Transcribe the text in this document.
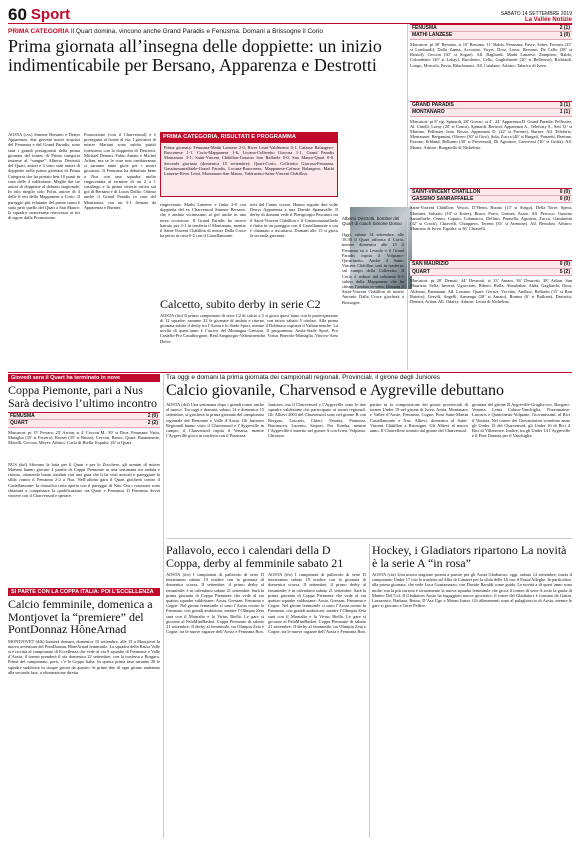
60 Sport	SABATO 14 SETTEMBRE 2019
La Vallée Notizie
PRIMA CATEGORIA Il Quart domina, vincono anche Grand Paradis e Fenusma. Domani a Brissogne il Corio
Prima giornata all’insegna delle doppiette: un inizio indimenticabile per Bersano, Apparenza e Destrotti
AOSTA (cvs) Simone Bersano e Denys Apparenza, due giovani nuovi acquisti del Fenusma e del Grand Paradis, sono stati i grandi protagonisti della prima giornata del torneo di Prima categoria insieme al “sangue” Alberto Destrotti del Quart, autori e 3 sono stati autori di doppiette nella prima giornata di Prima Categoria che ha portato ben 10 punti in casa delle 4 valdostane. Meglio dei tre autori di doppiette al debutto stagionale. In otto meglio solo Polin, autore di 4 delle 6 reti della Mappanese a Corio. Il pareggio più eclatante del primo turno è stato però quello del Quart a San Mauro: la squadra canavesana retrocessa ai tiri di rigore dalla Promozione.
Promozione (con il Charvensod) e è proseguita al fronte al via. I giocatori di mister Mariani sono subito partiti fortissimo con la doppietta di Destrotti, Michael Demaii, Fabio Amato e Michel Arlian, ma se le cose non cambieranno ci saranno tante gioie per i nostri giocatori. Il Fenusma ha debuttato bene a Nus con una squadra molto ringiovanita al termine di un 2 a 1 casalingo e la prima vittoria arriva sui gol di Bersano e di Lucas Dallio. Ottimo anche il Grand Paradis in casa del Montanaro, con un 3-1 firmato da Apparenza e Burnier.
PRIMA CATEGORIA, RISULTATI E PROGRAMMA
Prima giornata: Fenusma-Mathi Lanzese 2-0, River Leini-Valdruento 0-1, Cafasse Balangero-Busconese 1-1, Corio-Mappanese 1-6, Locana-Colleretto Giacosa 1-1, Grand Paradis Montanaro 3-1, Saint-Vincent Châtillon-Gassino San Raffaele 0-0, San Mauro-Quart 0-0. Seconda giornata (domenica 15 settembre): Quart-Corio, Colleretto Giacosa-Fenusma, Gassinosanraffaele-Grand Paradis, Locana-Busconese, Mappanese-Cafasse Balangero, Mathi Lanzese-River Leini, Montanaro-San Mauro, Valdruento-Saint-Vincent Châtillon.
ringiovanito Mathi Lanzese e finita 2-0 con doppietta del ex Charvensod Simone Bersano, che è andato vicinissimo al gol anche in una terza occasione. Il Grand Paradis ha invece battuto per 3-1 in trasferta il Montanaro, mentre il Saint-Vincent Châtillon di mister Dalla Croce ha perso in casa 0-2 con il Castellamonte.
tieri dal l’anno scorso. Hanno seguito due volte Denys Apparenza e una Davide Spanavalle. Il derby di domani vede il Pierigiorgio Pescatori tra il Saint-Vincent Châtillon e il Gassinosanraffaele è finita in un pareggio con il Castellamonte e ora è chiamato a riscattarsi. Domani alle 15 si gioca la seconda giornata.
Alberto Destrotti, bomber del Quart di coach Simone Dosso
Oggi, sabato 14 settembre, alle 18.30 il Quart affronta il Corio, mentre domenica alle 15 il Fenusma va a Lessolo e il Grand Paradis ospita il Volpiano-Quincinetto. Anche il Saint-Vincent Châtillon sarà in trasferta, sul campo della Colleretto. Il Corio è reduce dal roboante 6-1 subito dalla Mappanese che ha chiuso l’andata in vetta. Domani il Saint-Vincent Châtillon di mister Antonio Dalla Croce giocherà a Brissogne.
Calcetto, subito derby in serie C2
AOSTA (ifo) Il primo campionato di serie C2 di calcio a 5 si gioca quest’anno con la partecipazione di 12 squadre: saranno 22 le giornate di andata e ritorno, con inizio sabato 5 ottobre. Alla prima giornata subito il derby tra l’Aosta e lo Stade Sport, mentre il Dobbiaco ospiterà il Valtournenche. La novità di quest’anno è l’arrivo del Montagna Gresson. Il programma: Aosta-Stade Sport, Pro Castello-Pro Casalborgone, Real Sangiorgio-Valtournenche, Virtus Pinerolo-Marsiglia, Vinovo-Area Dolce.
Giovedì sera il Quart ha terminato in nove
Coppa Piemonte, pari a Nus Sarà decisivo l’ultimo incontro
FENUSMA	2 (0)
QUART	2 (2)
Marcatori: pt 15’ Ferraro, 25’ Arrian, st 4’ Ceccon M., 39’ st Droz. Fenusma: Vaira, Maiaglia (35’ st Ferrero), Rosset (35’ st Russo), Ceccon, Bertoi. Quart: Baumanette, Morelli, Ceccon, Meyer. Arbitro: Carlo di Biella. Espulsi: 26’ st Quart.
NUS (dsf) Sfiorano la lotta per il Quart e per lo Zucchero, gli uomini di mister Mariani hanno giocato 4 partite di Coppa Piemonte in una settimana tra andata e ritorno, ottenendo buoni risultati con una gara che li ha visti arrivati e pareggiare la sfida contro il Fenusma 2-2 a Nus. Nell’ultima gara il Quart giocherà contro il Castellamonte: la classifica resta aperta con il pareggio di Nus. Ora i rossoneri sono chiamati a conquistare la qualificazione tra Quart e Fenusma. Il Fenusma dovrà vincere con il Charvensod e sperare.
SI PARTE CON LA COPPA ITALIA: POI L’ECCELLENZA
Calcio femminile, domenica a Montjovet la “premiere” del PontDonnaz HôneArnad
MONTJOVET (dfk) Inizierà domani, domenica 15 settembre, alle 15 a Montjovet la nuova avventura del PontDonnaz HôneArnad femminile. La squadra della Bassa Valle si è iscritta al campionato di Eccellenza che vede al via 8 squadre di Piemonte e Valle d’Aosta: il torneo prenderà il via domenica 22 settembre, con la trasferta a Borgaro. Prima del campionato, però, c’è la Coppa Italia. In questa prima fase saranno 20 le squadre suddivise in cinque gironi da quattro: le prime due di ogni girone andranno alla seconda fase, a eliminazione diretta.
Tra oggi e domani la prima giornata dei campionati regionali. Provinciali, il girone degli Juniores
Calcio giovanile, Charvensod e Aygreville debuttano
AOSTA (dsf) Una settimana dopo i grandi tornei anche al nuovo. Tra oggi e domani, sabato 14 e domenica 15 settembre, si giocherà la prima giornata del campionato regionale del Piemonte e Valle d’Aosta. Gli Juniores Regionali hanno visto il Charvensod e l’Aygreville in campo: il Charvensod ospita il Venaria, mentre l’Aygreville gioca in trasferta con il Pianezza.
Juniores, ma il Charvensod e l’Aygreville sono le due squadre valdostane che partecipano ai tornei regionali. Gli Allievi 2003 del Charvensod sono nel girone B con Borgaro, Lascaris, Chieri, Venaria, Pianezza, Barcanova, Lucento, Sisport, Pro Eureka, mentre l’Aygreville è inserito nel girone A con Ivrea, Volpiano, Chivasso.
partire in la composizione dei gironi provinciali di torneo Under 19 nel girone di Ivrea, Aosta, Montanaro e Vallée d’Aoste, Fenusma, Cogne, Pont Saint-Martin Castellamonte e Nus. Allievi, domenica al Saint-Vincent Châtillon a Brissogne. Gli Allievi al nuovo anno. Il Chiavellese tornato dal girone del Charvensod.
giornata del girone B Aygreville-Gruglia-sco, Borgaro-Venaria, Lenta Caluso-Vanchiglia, Pozzomaina-Lascaris e Quincinetto-Volpiano. Giovanissimi, al Bici il Venaria. Nel torneo dei Giovanissimi scendono anno gli Under 15 del Charvensod, gli Under 16 di Bici il Bici di Villeneuve. Inoltre, tra gli Under 14 l’Aygreville e il Pont Donnaz per il Vanchiglia.
Pallavolo, ecco i calendari della D Coppa, derby al femminile sabato 21
AOSTA (ifo) I campionati di pallavolo di serie D inizieranno sabato 19 ottobre con la giornata di domenica scorsa. Il settembre, il primo derby al femminile: è in calendario sabato 21 settembre. Sarà la prima giornata di Coppa Piemonte che vede al via quattro squadre valdostane: Aosta, Gressan, Fenusma e Cogne. Nel girone femminile ci sono l’Aosta contro la Fenusma, con grandi ambizioni, mentre l’Olimpia Zeta sarà con il Montalto e la Virtus Biella. Le gare si giocano al PalaMiniBasket. Coppa Piemonte di sabato 21 settembre: Il derby al femminile, tra Olimpia Zeta e Cogne, tra le nuove ragazze dell’Aosta e Fenusma Bon.
AOSTA (ifo) I campionati di pallavolo di serie D inizieranno sabato 19 ottobre con la giornata di domenica scorsa. Il settembre, il primo derby al femminile: è in calendario sabato 21 settembre. Sarà la prima giornata di Coppa Piemonte che vede al via quattro squadre valdostane: Aosta, Gressan, Fenusma e Cogne. Nel girone femminile ci sono l’Aosta contro la Fenusma, con grandi ambizioni, mentre l’Olimpia Zeta sarà con il Montalto e la Virtus Biella. Le gare si giocano al PalaMiniBasket. Coppa Piemonte di sabato 21 settembre: Il derby al femminile, tra Olimpia Zeta e Cogne, tra le nuove ragazze dell’Aosta e Fenusma Bon.
Hockey, i Gladiators ripartono La novità è la serie A “in rosa”
AOSTA (cfa) Una nuova stagione pronta a partire per gli Aosta Gladiators: oggi, sabato 14 settembre, inizia il campionato Under 17 con la trasferta ad Alba di Canazei per la sfida delle 16 con il Fassa/Alleghe. In particolare, alla prima giornata, che vede Luca Goniamazzo, con Davide Baraldi come guida. Le novità a di quest’anno sono molte, ma la più curiosa è sicuramente la nuova squadra femminile che gioca il torneo di serie A sotto la guida di Matteo Del Col. Il Gladiators Aosta ha ingaggiato nuove giocatrici: il roster del Gladiators è formato da Gattin, Lazzarotto, Barbara, Reino, D’Ara Ugo e Moran Juster. Gli allenamenti sono al palaghiaccio di Aosta, mentre le gare si giocano a Torre Pellice.
FENUSMA	2 (1)
MATHI LANZESE	1 (0)
Marcatori: pt 30’ Bersano, st 10’ Bersano, 11’ Baldo. Fenusma: Favre, Sohet, Ferraris (35’ st Lombardi), Dallo Zanna, Accorino, Vuyet, Droz, Lerus, Bersano, De Cello (38’ st Bristol), Ceccon (30’ st Sogue). All. Bagliardi. Mathi Lanzese: Zampiero, Baldo, Colombatto (30’ st Lekay), Rucchetto, Cello, Guglielmetti (20’ st Bellerose), Richiardi, Longo, Morcolo, Pavia, Bilachiaruci. All. Catalano. Arbitro: Talarico di Ivrea.
GRAND PARADIS	3 (1)
MONTANARO	1 (1)
Marcatori: pt 8’ rig. Spinardi, 28’ Grosso, st 4’, 24’ Apparenza D. Grand Paradis: Pellissier, Al. Cinelli, Lorny (20’ st Conca), Spinardi, Bertrod, Apparenza A., Teleforty S., Seit 31’ st Martino, Pellissier Jean, Rosso, Apparenza D. (22’ st Pavone), Burner. All. Teleforty. Montanaro: Bergamini, Olivero (30’ st Giro), Sola, Zucca (40’ st Burgai), Ponzetti, Bertone, Ezzone, Erbland, Bellurno (30’ st Provenzal), Di Agostino, Cancerosi (10’ st Griffa). All. Monta. Arbitro: Borgatello di Nichelino.
SAINT-VINCENT CHATILLON	0 (0)
GASSINO SANRAFFAELE	0 (0)
Saint-Vincent Châtillon: Vescio, D’Herin, Ruotto (15’ st Sirigu), Della Torre, Spera, Martinet, Salsotto (10’ st Knies), Bruce, Porro, Grimez, Asaro. All. Percoco. Gassino Sanraffaele: Cenno, Caputo, Colamarco, Delfino, Pennella, Agostini, Zucco, Gamberini (32’ st Crock), Chiavelli, Chiappero, Terreni (35’ st Avenone). All. Bertolini. Arbitro: Mancuso di Ivrea. Espulsi: st 36’ Chiavelli.
SAN MAURIZIO	0 (0)
QUART	5 (2)
Marcatori: pt 20’ Demaii, 44’ Destrotti, st 33’ Amato, 36’ Destrotti, 38’ Arlian. San Maurizio: Sella, Inverni, Uguccioni, Ribero, Rolla, Aboubakar, Abbà, Gagliardo, Dora, Alifrano, Paramann. All. Lorusso. Quart: Gerace, Vecchio, Audisio, Bellardo (15’ st Bon Baiotto), Gervili, Angelli, Armengo (28’ st Amato), Romeo (6’ st Bullone), Destrotti, Demaii, Arlian. All. Odaixy. Arbitro: Leoni di Nichelino.
